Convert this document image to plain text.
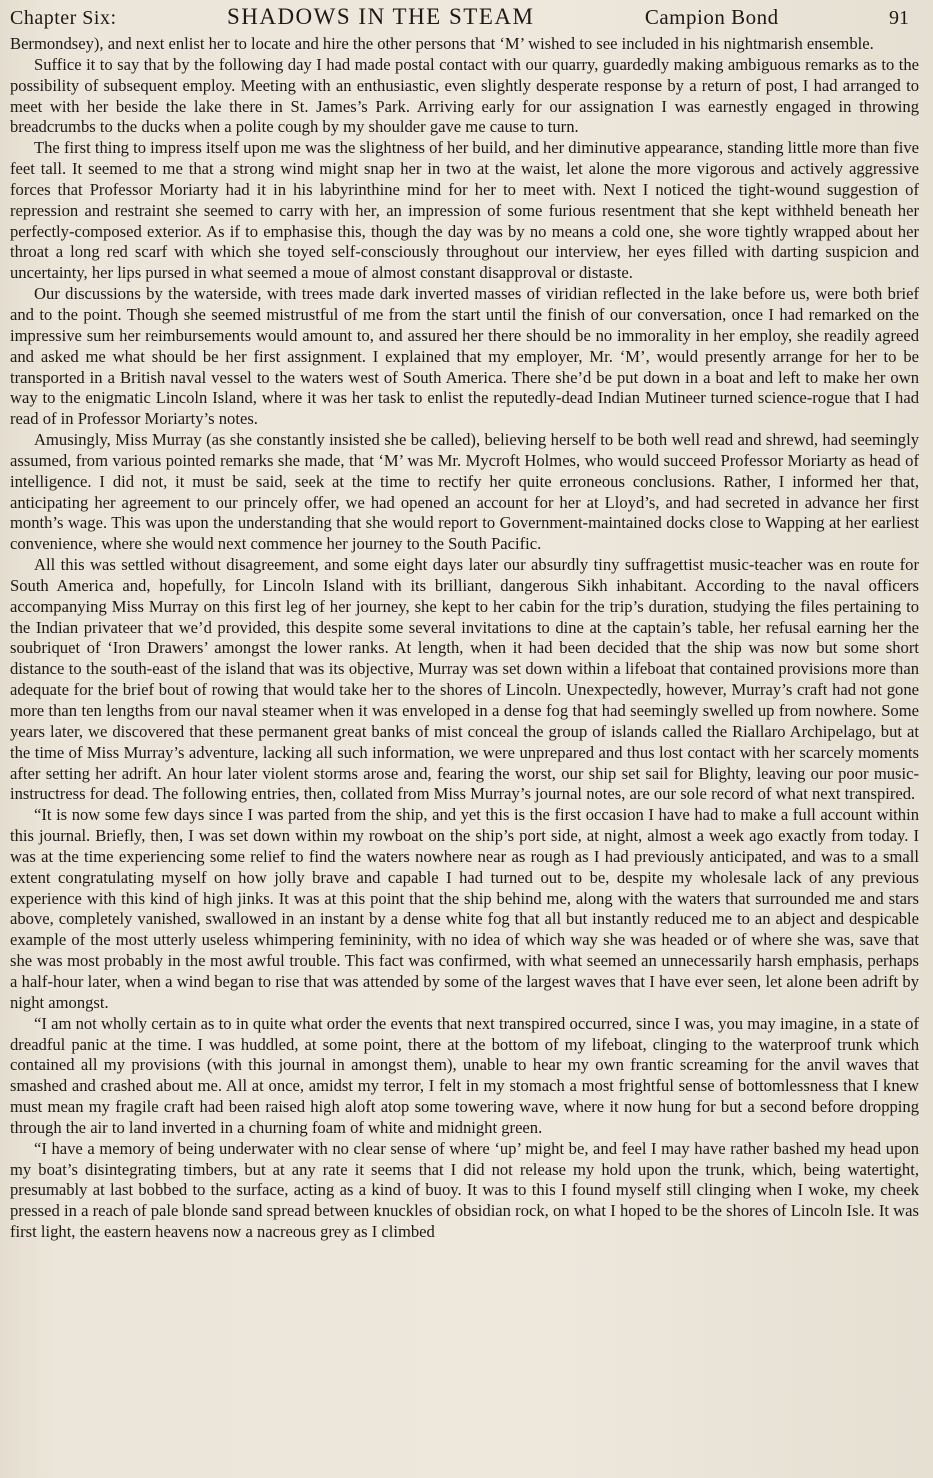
Chapter Six:	SHADOWS IN THE STEAM	Campion Bond	91

Bermondsey), and next enlist her to locate and hire the other persons that ‘M’ wished to see included in his nightmarish ensemble.

Suffice it to say that by the following day I had made postal contact with our quarry, guardedly making ambiguous remarks as to the possibility of subsequent employ. Meeting with an enthusiastic, even slightly desperate response by a return of post, I had arranged to meet with her beside the lake there in St. James’s Park. Arriving early for our assignation I was earnestly engaged in throwing breadcrumbs to the ducks when a polite cough by my shoulder gave me cause to turn.

The first thing to impress itself upon me was the slightness of her build, and her diminutive appearance, standing little more than five feet tall. It seemed to me that a strong wind might snap her in two at the waist, let alone the more vigorous and actively aggressive forces that Professor Moriarty had it in his labyrinthine mind for her to meet with. Next I noticed the tight-wound suggestion of repression and restraint she seemed to carry with her, an impression of some furious resentment that she kept withheld beneath her perfectly-composed exterior. As if to emphasise this, though the day was by no means a cold one, she wore tightly wrapped about her throat a long red scarf with which she toyed self-consciously throughout our interview, her eyes filled with darting suspicion and uncertainty, her lips pursed in what seemed a moue of almost constant disapproval or distaste.

Our discussions by the waterside, with trees made dark inverted masses of viridian reflected in the lake before us, were both brief and to the point. Though she seemed mistrustful of me from the start until the finish of our conversation, once I had remarked on the impressive sum her reimbursements would amount to, and assured her there should be no immorality in her employ, she readily agreed and asked me what should be her first assignment. I explained that my employer, Mr. ‘M’, would presently arrange for her to be transported in a British naval vessel to the waters west of South America. There she’d be put down in a boat and left to make her own way to the enigmatic Lincoln Island, where it was her task to enlist the reputedly-dead Indian Mutineer turned science-rogue that I had read of in Professor Moriarty’s notes.

Amusingly, Miss Murray (as she constantly insisted she be called), believing herself to be both well read and shrewd, had seemingly assumed, from various pointed remarks she made, that ‘M’ was Mr. Mycroft Holmes, who would succeed Professor Moriarty as head of intelligence. I did not, it must be said, seek at the time to rectify her quite erroneous conclusions. Rather, I informed her that, anticipating her agreement to our princely offer, we had opened an account for her at Lloyd’s, and had secreted in advance her first month’s wage. This was upon the understanding that she would report to Government-maintained docks close to Wapping at her earliest convenience, where she would next commence her journey to the South Pacific.

All this was settled without disagreement, and some eight days later our absurdly tiny suffragettist music-teacher was en route for South America and, hopefully, for Lincoln Island with its brilliant, dangerous Sikh inhabitant. According to the naval officers accompanying Miss Murray on this first leg of her journey, she kept to her cabin for the trip’s duration, studying the files pertaining to the Indian privateer that we’d provided, this despite some several invitations to dine at the captain’s table, her refusal earning her the soubriquet of ‘Iron Drawers’ amongst the lower ranks. At length, when it had been decided that the ship was now but some short distance to the south-east of the island that was its objective, Murray was set down within a lifeboat that contained provisions more than adequate for the brief bout of rowing that would take her to the shores of Lincoln. Unexpectedly, however, Murray’s craft had not gone more than ten lengths from our naval steamer when it was enveloped in a dense fog that had seemingly swelled up from nowhere. Some years later, we discovered that these permanent great banks of mist conceal the group of islands called the Riallaro Archipelago, but at the time of Miss Murray’s adventure, lacking all such information, we were unprepared and thus lost contact with her scarcely moments after setting her adrift. An hour later violent storms arose and, fearing the worst, our ship set sail for Blighty, leaving our poor music-instructress for dead. The following entries, then, collated from Miss Murray’s journal notes, are our sole record of what next transpired.

“It is now some few days since I was parted from the ship, and yet this is the first occasion I have had to make a full account within this journal. Briefly, then, I was set down within my rowboat on the ship’s port side, at night, almost a week ago exactly from today. I was at the time experiencing some relief to find the waters nowhere near as rough as I had previously anticipated, and was to a small extent congratulating myself on how jolly brave and capable I had turned out to be, despite my wholesale lack of any previous experience with this kind of high jinks. It was at this point that the ship behind me, along with the waters that surrounded me and stars above, completely vanished, swallowed in an instant by a dense white fog that all but instantly reduced me to an abject and despicable example of the most utterly useless whimpering femininity, with no idea of which way she was headed or of where she was, save that she was most probably in the most awful trouble. This fact was confirmed, with what seemed an unnecessarily harsh emphasis, perhaps a half-hour later, when a wind began to rise that was attended by some of the largest waves that I have ever seen, let alone been adrift by night amongst.

“I am not wholly certain as to in quite what order the events that next transpired occurred, since I was, you may imagine, in a state of dreadful panic at the time. I was huddled, at some point, there at the bottom of my lifeboat, clinging to the waterproof trunk which contained all my provisions (with this journal in amongst them), unable to hear my own frantic screaming for the anvil waves that smashed and crashed about me. All at once, amidst my terror, I felt in my stomach a most frightful sense of bottomlessness that I knew must mean my fragile craft had been raised high aloft atop some towering wave, where it now hung for but a second before dropping through the air to land inverted in a churning foam of white and midnight green.

“I have a memory of being underwater with no clear sense of where ‘up’ might be, and feel I may have rather bashed my head upon my boat’s disintegrating timbers, but at any rate it seems that I did not release my hold upon the trunk, which, being watertight, presumably at last bobbed to the surface, acting as a kind of buoy. It was to this I found myself still clinging when I woke, my cheek pressed in a reach of pale blonde sand spread between knuckles of obsidian rock, on what I hoped to be the shores of Lincoln Isle. It was first light, the eastern heavens now a nacreous grey as I climbed
